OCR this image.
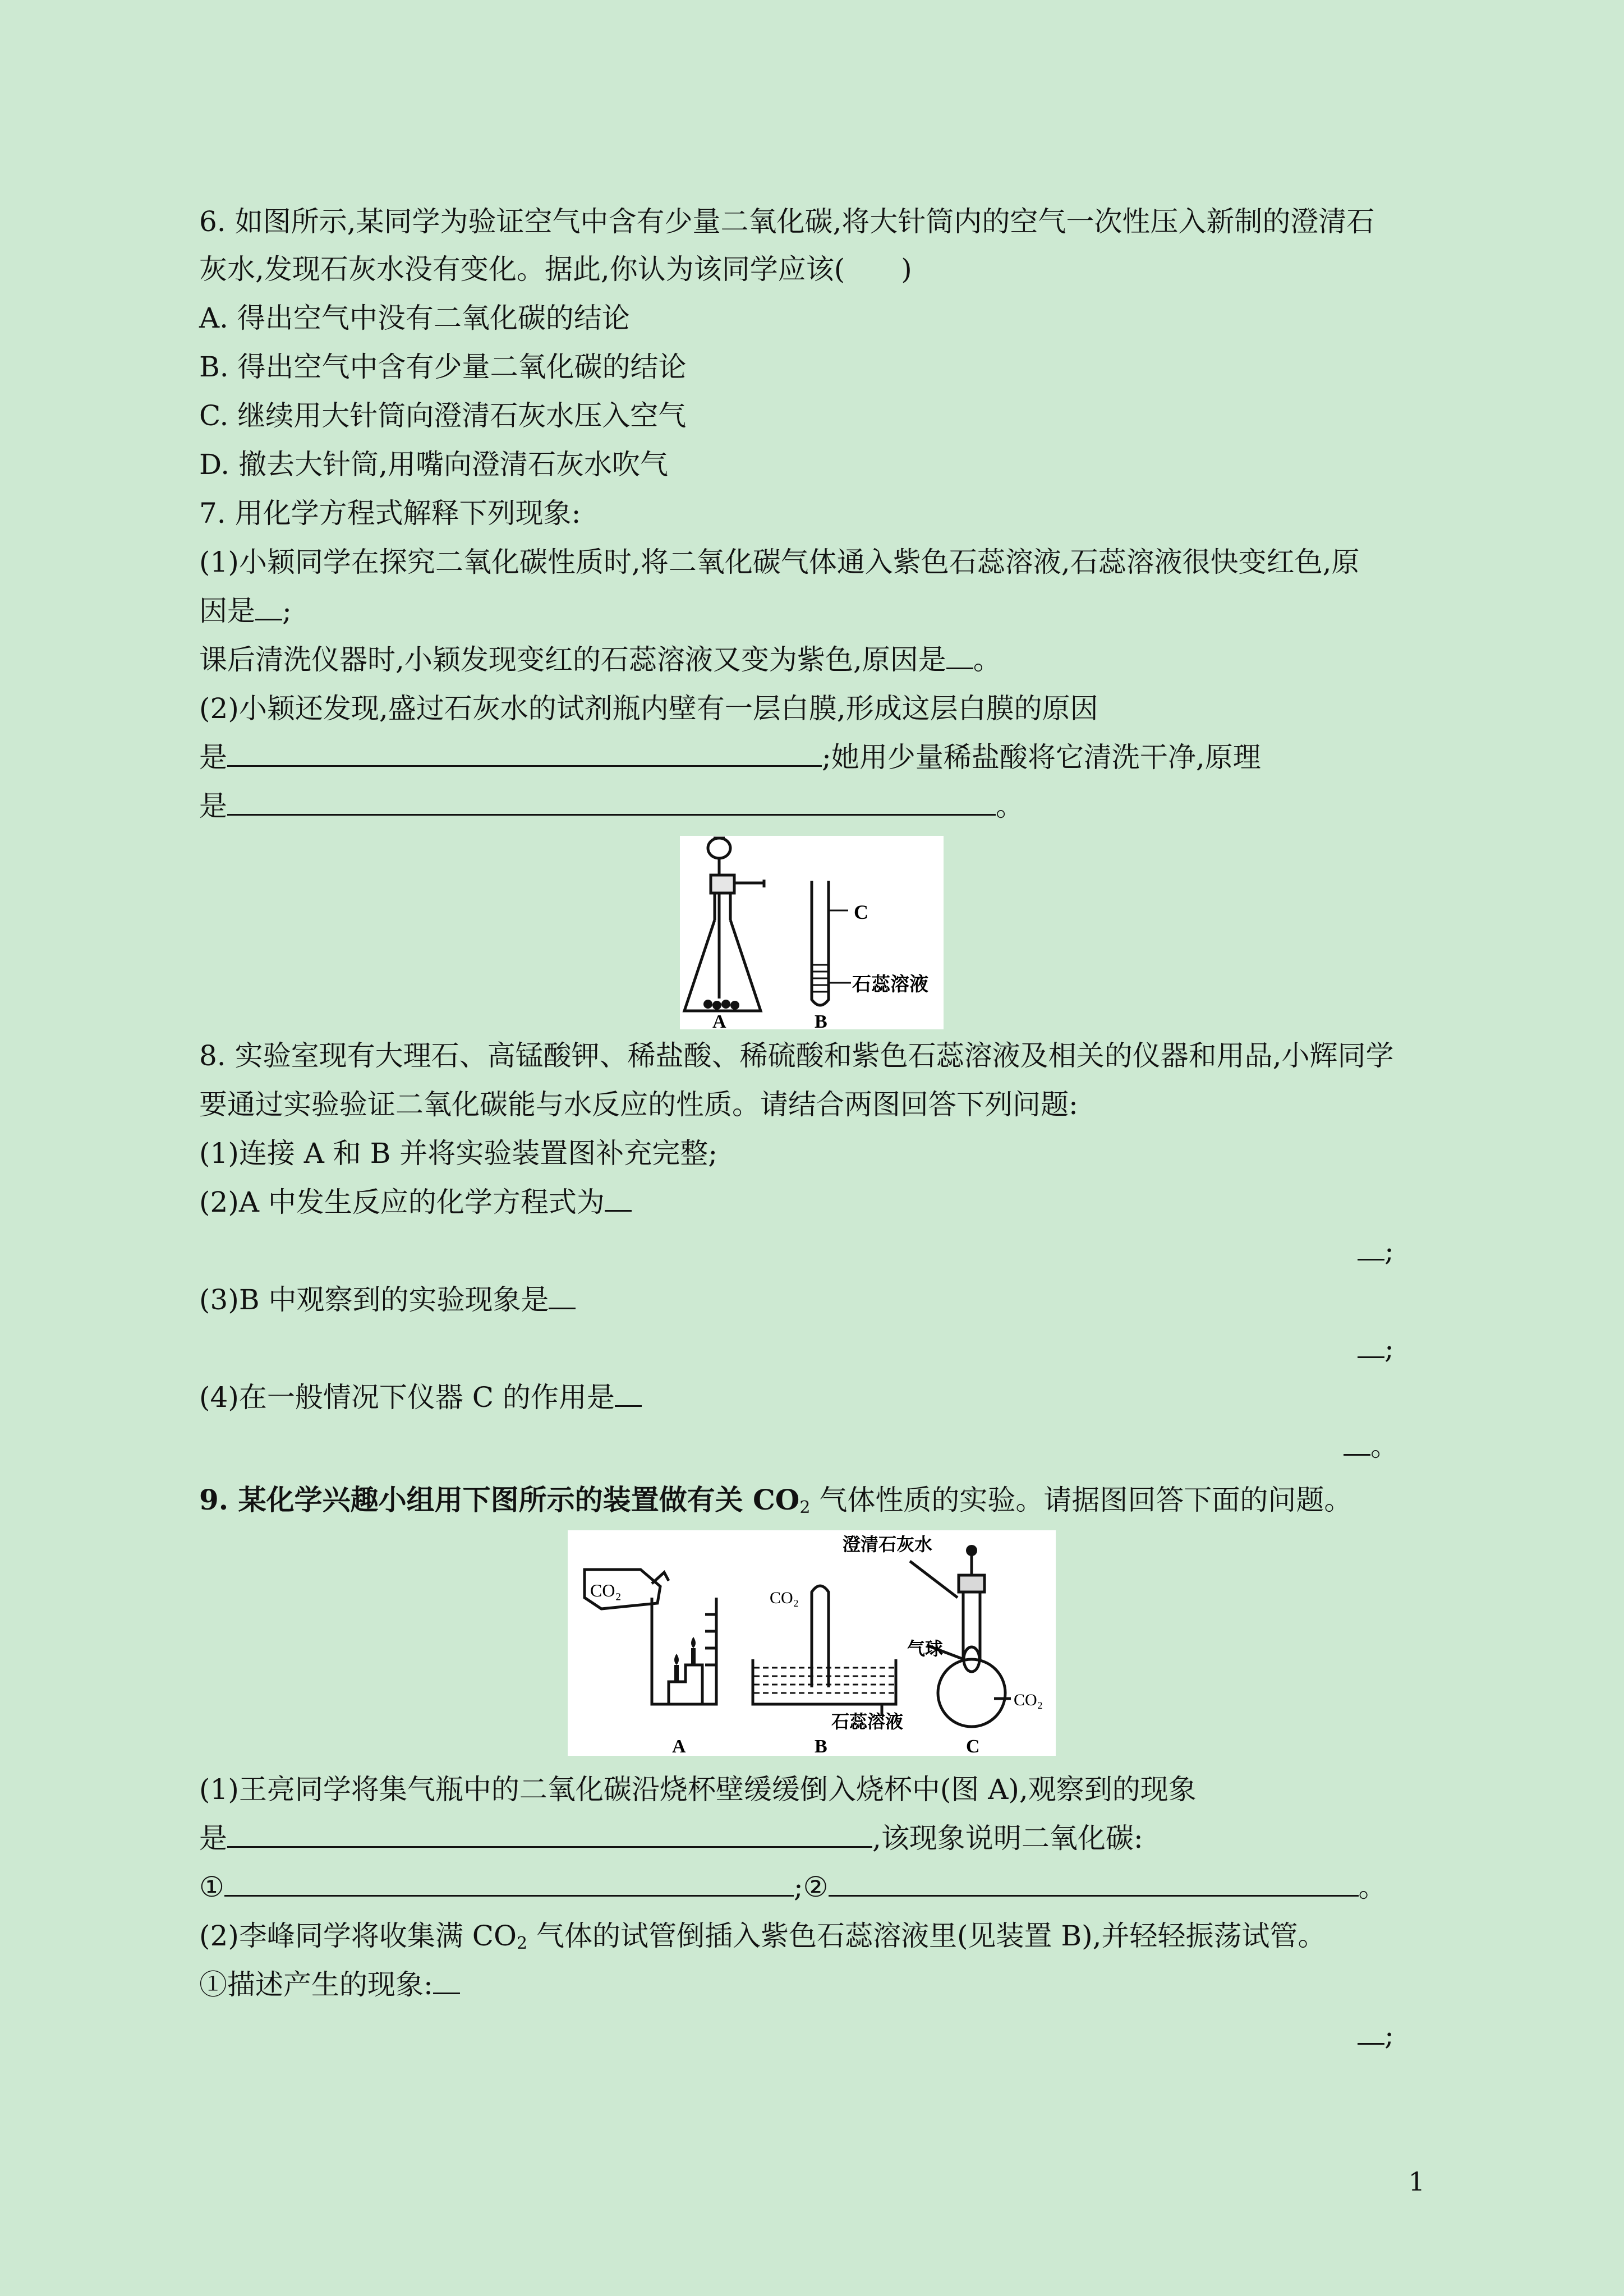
6. 如图所示,某同学为验证空气中含有少量二氧化碳,将大针筒内的空气一次性压入新制的澄清石
灰水,发现石灰水没有变化。据此,你认为该同学应该(　　)
A. 得出空气中没有二氧化碳的结论
B. 得出空气中含有少量二氧化碳的结论
C. 继续用大针筒向澄清石灰水压入空气
D. 撤去大针筒,用嘴向澄清石灰水吹气
7. 用化学方程式解释下列现象:
(1)小颖同学在探究二氧化碳性质时,将二氧化碳气体通入紫色石蕊溶液,石蕊溶液很快变红色,原
因是 ;
课后清洗仪器时,小颖发现变红的石蕊溶液又变为紫色,原因是 。
(2)小颖还发现,盛过石灰水的试剂瓶内壁有一层白膜,形成这层白膜的原因
是	;她用少量稀盐酸将它清洗干净,原理
是	。
C
石蕊溶液
A	B
8. 实验室现有大理石、高锰酸钾、稀盐酸、稀硫酸和紫色石蕊溶液及相关的仪器和用品,小辉同学
要通过实验验证二氧化碳能与水反应的性质。请结合两图回答下列问题:
(1)连接 A 和 B 并将实验装置图补充完整;
(2)A 中发生反应的化学方程式为
;
(3)B 中观察到的实验现象是
;
(4)在一般情况下仪器 C 的作用是
。
9. 某化学兴趣小组用下图所示的装置做有关 $CO_2$ 气体性质的实验。请据图回答下面的问题。
CO₂	CO₂
CO₂
澄清石灰水
气球
石蕊溶液
A	B	C
(1)王亮同学将集气瓶中的二氧化碳沿烧杯壁缓缓倒入烧杯中(图 A),观察到的现象
是	,该现象说明二氧化碳:
①	;②	。
(2)李峰同学将收集满 $CO_2$ 气体的试管倒插入紫色石蕊溶液里(见装置 B),并轻轻振荡试管。
①描述产生的现象:
;
1
